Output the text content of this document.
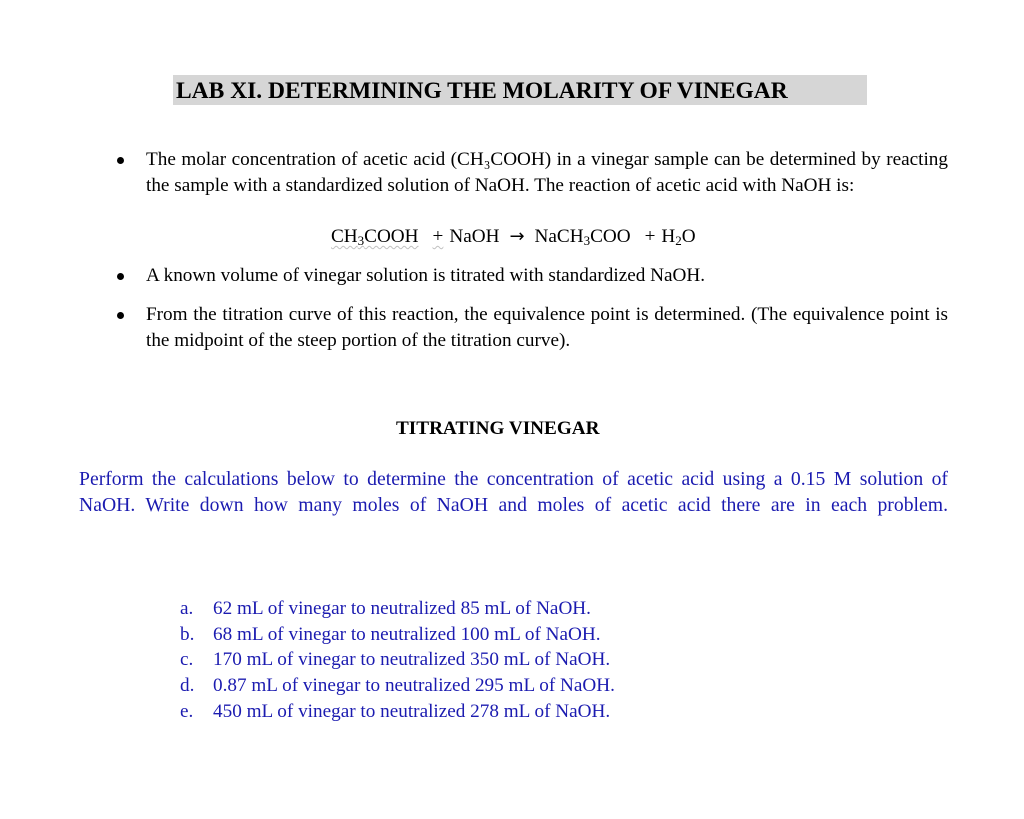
LAB XI. DETERMINING THE MOLARITY OF VINEGAR
The molar concentration of acetic acid (CH₃COOH) in a vinegar sample can be determined by reacting the sample with a standardized solution of NaOH. The reaction of acetic acid with NaOH is:
$CH_3COOH$ + NaOH → NaCH$_3$COO + $H_2O$
A known volume of vinegar solution is titrated with standardized NaOH.
From the titration curve of this reaction, the equivalence point is determined. (The equivalence point is the midpoint of the steep portion of the titration curve).
TITRATING VINEGAR
Perform the calculations below to determine the concentration of acetic acid using a 0.15 M solution of NaOH. Write down how many moles of NaOH and moles of acetic acid there are in each problem.
a.	62 mL of vinegar to neutralized 85 mL of NaOH.
b. 68 mL of vinegar to neutralized 100 mL of NaOH.
c.	170 mL of vinegar to neutralized 350 mL of NaOH.
d. 0.87 mL of vinegar to neutralized 295 mL of NaOH.
e.	450 mL of vinegar to neutralized 278 mL of NaOH.
